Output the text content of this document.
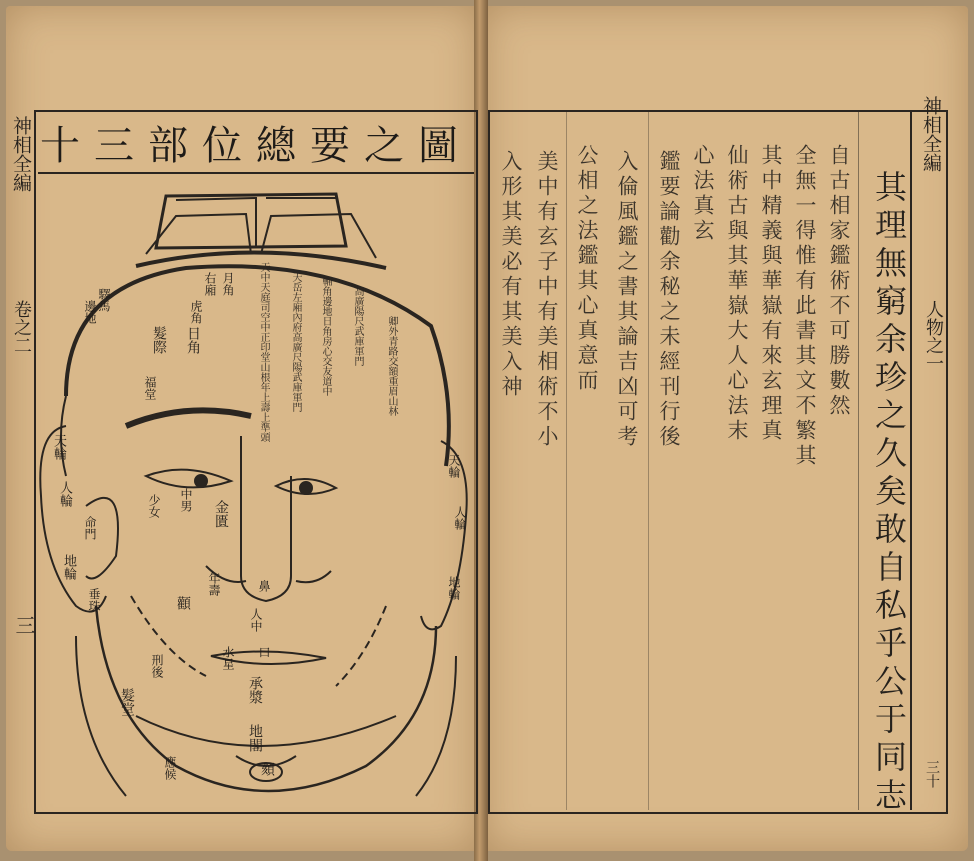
神相全編
卷之二
三
十三部位總要之圖
天輪
人輪
地輪
命門
垂珠
驛馬
邊地
福堂
髮際
右廂
日角
月角
虎角
中男
少女	金匱
顴
髮堂
刑後
年壽
人中
水星
承漿
地閣
頦
應候
天輪
人輪
地輪
口
鼻
天中天庭司空中正印堂山根年上壽上準頭 天岳左廂內府高廣尺陽武庫軍門 輔角邊地日角房心交友道中 高廣陽尺武庫軍門 卿外青路交額重眉山林
神相全編
人物之一
三十
其理無窮余珍之久矣敢自私乎公于同志
自古相家鑑術不可勝數然
全無一得惟有此書其文不繁其
其中精義與華嶽有來玄理真
仙術古與其華嶽大人心法末
心法真玄
鑑要論勸余秘之未經刊行後
入倫風鑑之書其論吉凶可考
公相之法鑑其心真意而
美中有玄子中有美相術不小
入形其美必有其美入神
